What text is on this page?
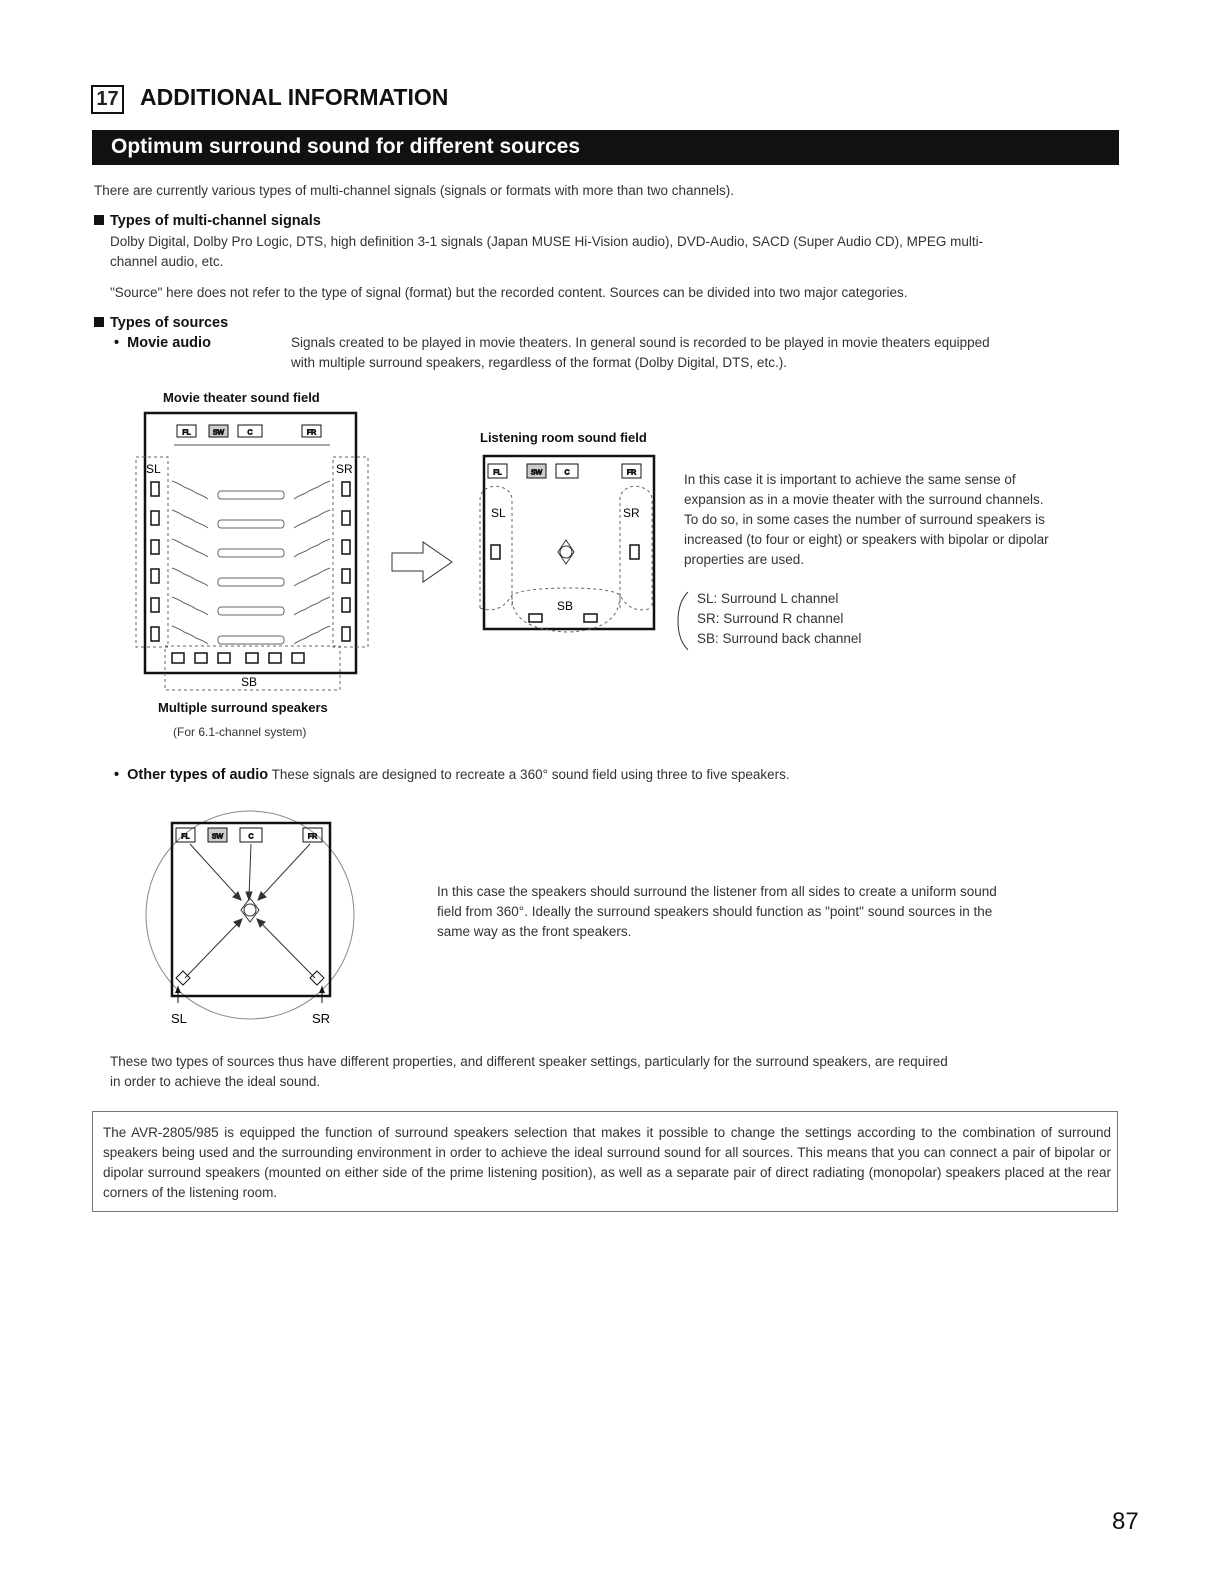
17 ADDITIONAL INFORMATION
Optimum surround sound for different sources
There are currently various types of multi-channel signals (signals or formats with more than two channels).
Types of multi-channel signals
Dolby Digital, Dolby Pro Logic, DTS, high definition 3-1 signals (Japan MUSE Hi-Vision audio), DVD-Audio, SACD (Super Audio CD), MPEG multi-
channel audio, etc.
"Source" here does not refer to the type of signal (format) but the recorded content. Sources can be divided into two major categories.
Types of sources
•  Movie audio	Signals created to be played in movie theaters. In general sound is recorded to be played in movie theaters equipped
with multiple surround speakers, regardless of the format (Dolby Digital, DTS, etc.).
Movie theater sound field
FL	SW	C	FR
SL	SR
SB
Multiple surround speakers
(For 6.1-channel system)
Listening room sound field
FL	SW	C	FR
SL	SR
SB
In this case it is important to achieve the same sense of
expansion as in a movie theater with the surround channels.
To do so, in some cases the number of surround speakers is
increased (to four or eight) or speakers with bipolar or dipolar
properties are used.
SL: Surround L channel
SR: Surround R channel
SB: Surround back channel
•  Other types of audio These signals are designed to recreate a 360° sound field using three to five speakers.
FL	SW	C	FR
SL	SR
In this case the speakers should surround the listener from all sides to create a uniform sound
field from 360°. Ideally the surround speakers should function as "point" sound sources in the
same way as the front speakers.
These two types of sources thus have different properties, and different speaker settings, particularly for the surround speakers, are required
in order to achieve the ideal sound.
The AVR-2805/985 is equipped the function of surround speakers selection that makes it possible to change the settings according to the combination of surround speakers being used and the surrounding environment in order to achieve the ideal surround sound for all sources. This means that you can connect a pair of bipolar or dipolar surround speakers (mounted on either side of the prime listening position), as well as a separate pair of direct radiating (monopolar) speakers placed at the rear corners of the listening room.
87
